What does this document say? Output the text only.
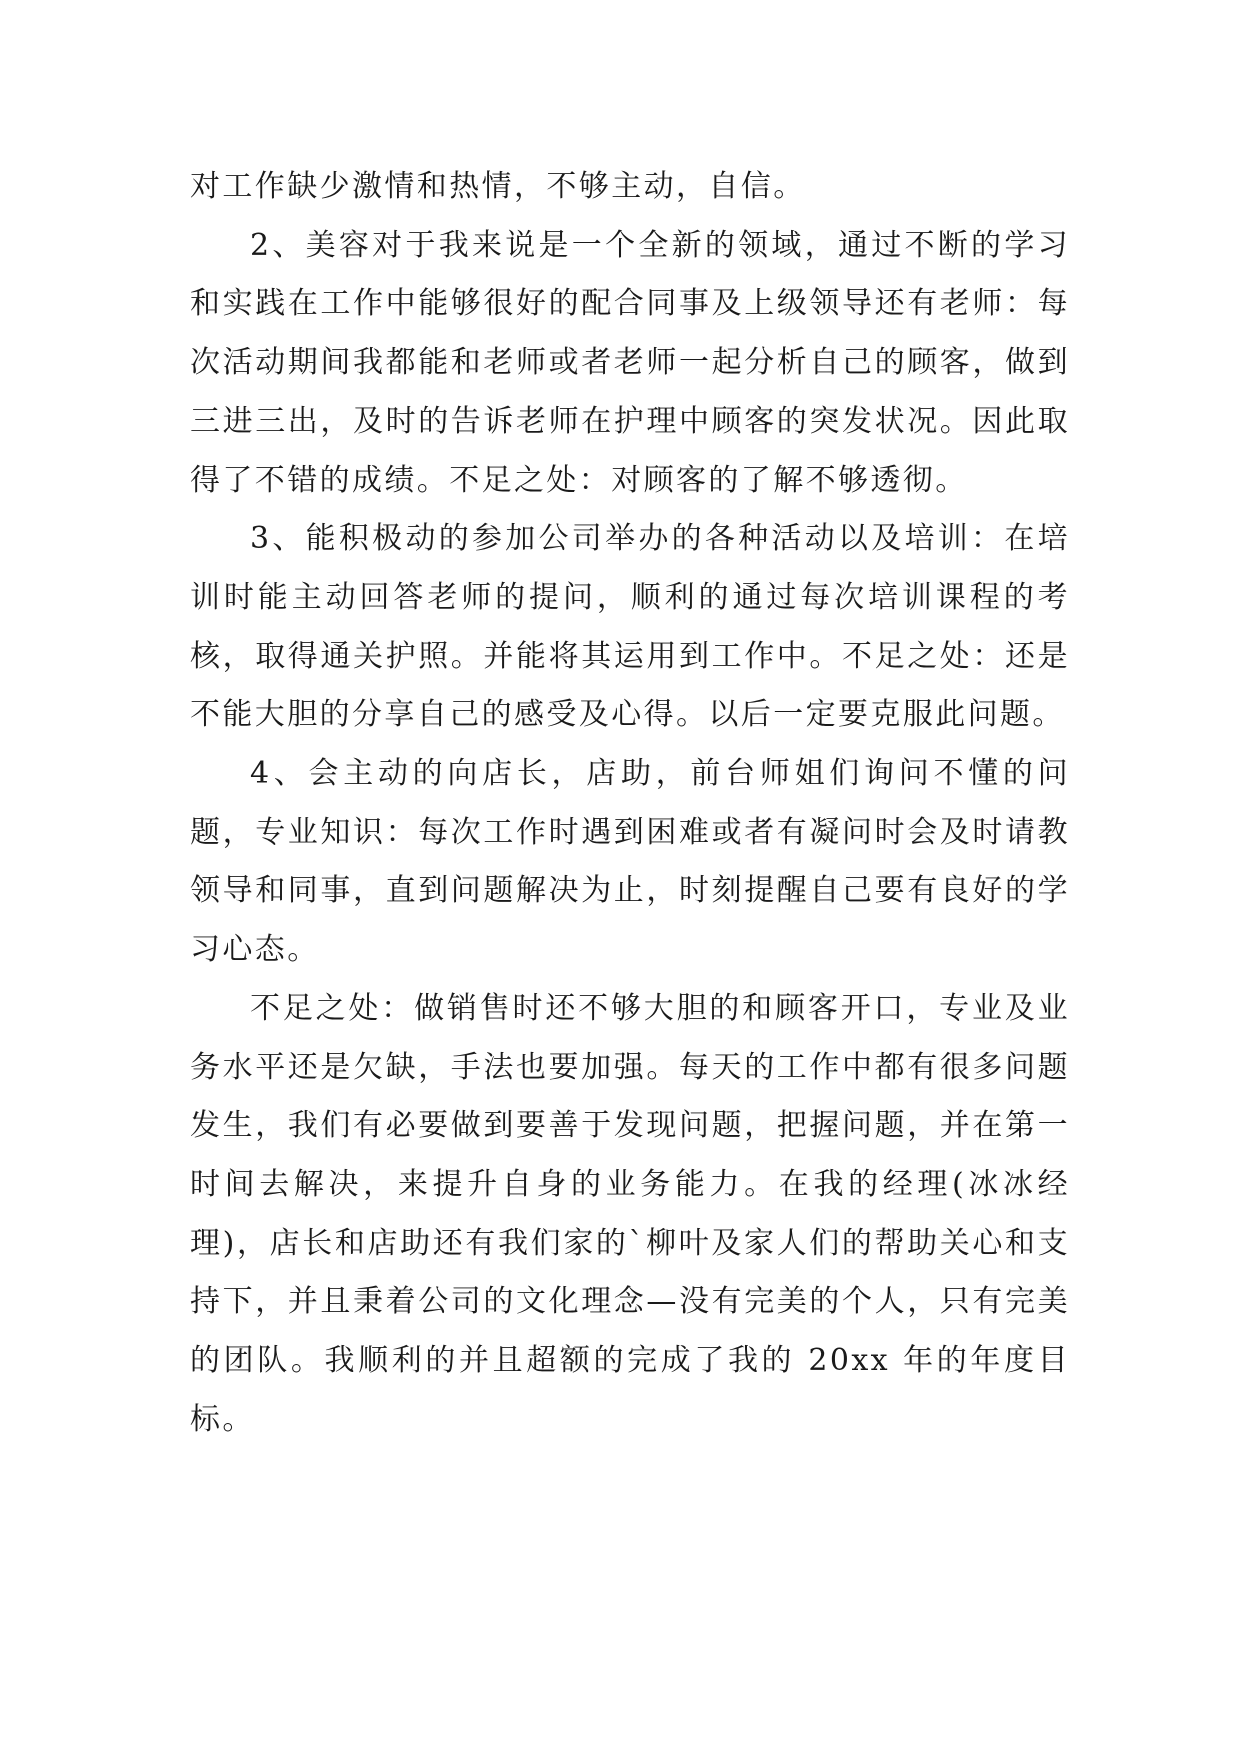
对工作缺少激情和热情，不够主动，自信。

2、美容对于我来说是一个全新的领域，通过不断的学习和实践在工作中能够很好的配合同事及上级领导还有老师：每次活动期间我都能和老师或者老师一起分析自己的顾客，做到三进三出，及时的告诉老师在护理中顾客的突发状况。因此取得了不错的成绩。不足之处：对顾客的了解不够透彻。

3、能积极动的参加公司举办的各种活动以及培训：在培训时能主动回答老师的提问，顺利的通过每次培训课程的考核，取得通关护照。并能将其运用到工作中。不足之处：还是不能大胆的分享自己的感受及心得。以后一定要克服此问题。

4、会主动的向店长，店助，前台师姐们询问不懂的问题，专业知识：每次工作时遇到困难或者有凝问时会及时请教领导和同事，直到问题解决为止，时刻提醒自己要有良好的学习心态。

不足之处：做销售时还不够大胆的和顾客开口，专业及业务水平还是欠缺，手法也要加强。每天的工作中都有很多问题发生，我们有必要做到要善于发现问题，把握问题，并在第一时间去解决，来提升自身的业务能力。在我的经理(冰冰经理)，店长和店助还有我们家的`柳叶及家人们的帮助关心和支持下，并且秉着公司的文化理念—没有完美的个人，只有完美的团队。我顺利的并且超额的完成了我的 20xx 年的年度目标。
